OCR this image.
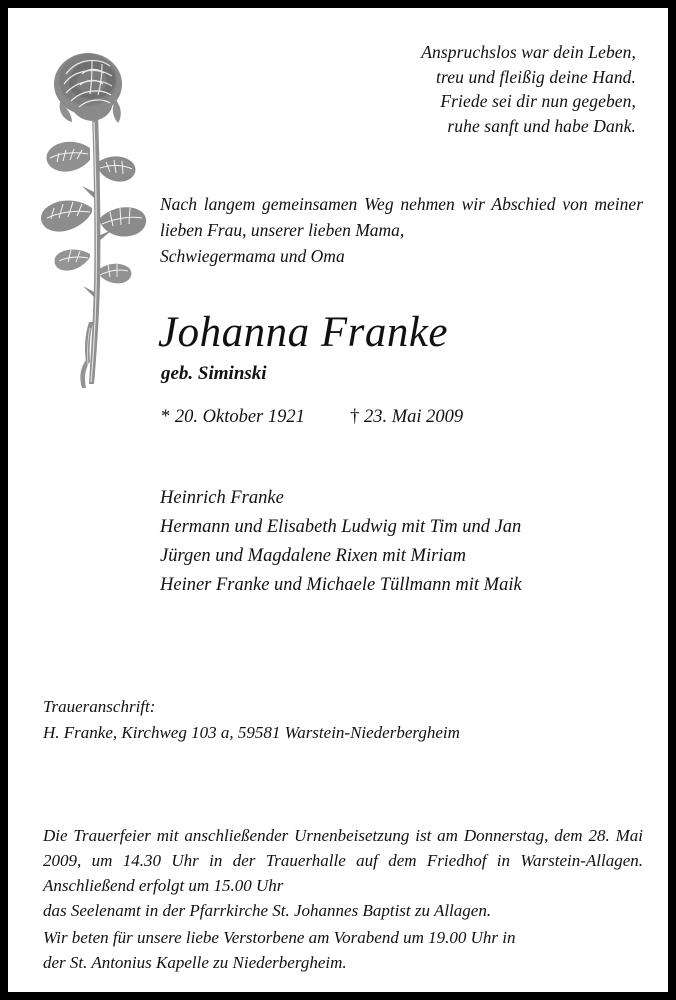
Anspruchslos war dein Leben,
treu und fleißig deine Hand.
Friede sei dir nun gegeben,
ruhe sanft und habe Dank.

Nach langem gemeinsamen Weg nehmen wir Abschied von meiner lieben Frau, unserer lieben Mama,

Schwiegermama und Oma

Johanna Franke
geb. Siminski
* 20. Oktober 1921 † 23. Mai 2009
Heinrich Franke
Hermann und Elisabeth Ludwig mit Tim und Jan
Jürgen und Magdalene Rixen mit Miriam
Heiner Franke und Michaele Tüllmann mit Maik
Traueranschrift:
H. Franke, Kirchweg 103 a, 59581 Warstein-Niederbergheim

Die Trauerfeier mit anschließender Urnenbeisetzung ist am Donnerstag, dem 28. Mai 2009, um 14.30 Uhr in der Trauerhalle auf dem Friedhof in Warstein-Allagen. Anschließend erfolgt um 15.00 Uhr

das Seelenamt in der Pfarrkirche St. Johannes Baptist zu Allagen.

Wir beten für unsere liebe Verstorbene am Vorabend um 19.00 Uhr in

der St. Antonius Kapelle zu Niederbergheim.
